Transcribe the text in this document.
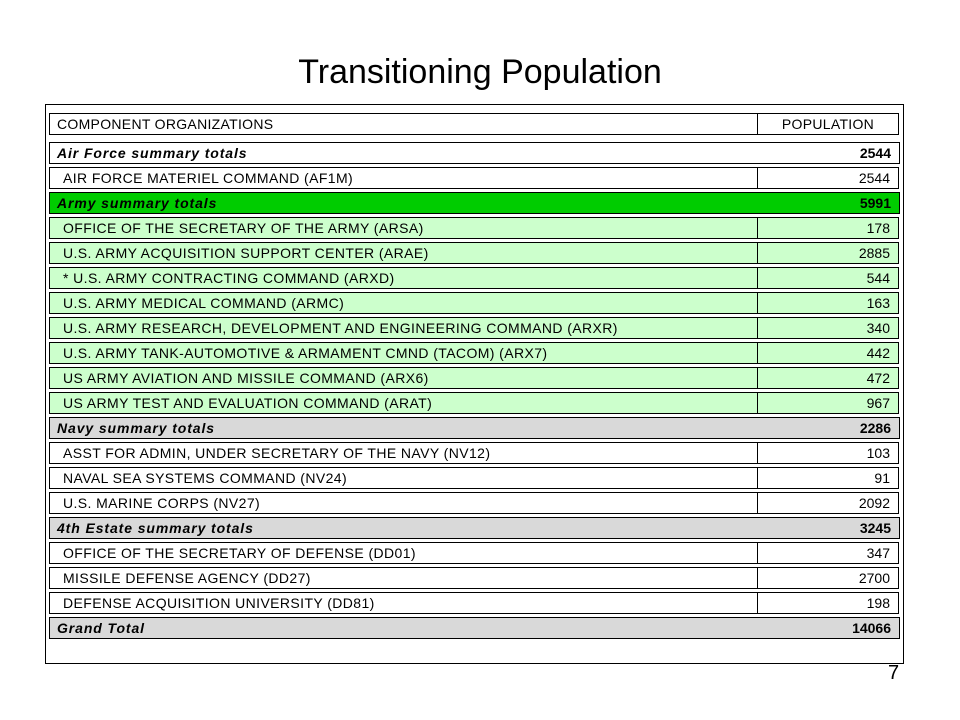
Transitioning Population
COMPONENT ORGANIZATIONS	POPULATION
Air Force summary totals	2544
AIR FORCE MATERIEL COMMAND (AF1M)	2544
Army summary totals	5991
OFFICE OF THE SECRETARY OF THE ARMY (ARSA)	178
U.S. ARMY ACQUISITION SUPPORT CENTER (ARAE)	2885
* U.S. ARMY CONTRACTING COMMAND (ARXD)	544
U.S. ARMY MEDICAL COMMAND (ARMC)	163
U.S. ARMY RESEARCH, DEVELOPMENT AND ENGINEERING COMMAND (ARXR)	340
U.S. ARMY TANK-AUTOMOTIVE & ARMAMENT CMND (TACOM) (ARX7)	442
US ARMY AVIATION AND MISSILE COMMAND (ARX6)	472
US ARMY TEST AND EVALUATION COMMAND (ARAT)	967
Navy summary totals	2286
ASST FOR ADMIN, UNDER SECRETARY OF THE NAVY (NV12)	103
NAVAL SEA SYSTEMS COMMAND (NV24)	91
U.S. MARINE CORPS (NV27)	2092
4th Estate summary totals	3245
OFFICE OF THE SECRETARY OF DEFENSE (DD01)	347
MISSILE DEFENSE AGENCY (DD27)	2700
DEFENSE ACQUISITION UNIVERSITY (DD81)	198
Grand Total	14066
7
